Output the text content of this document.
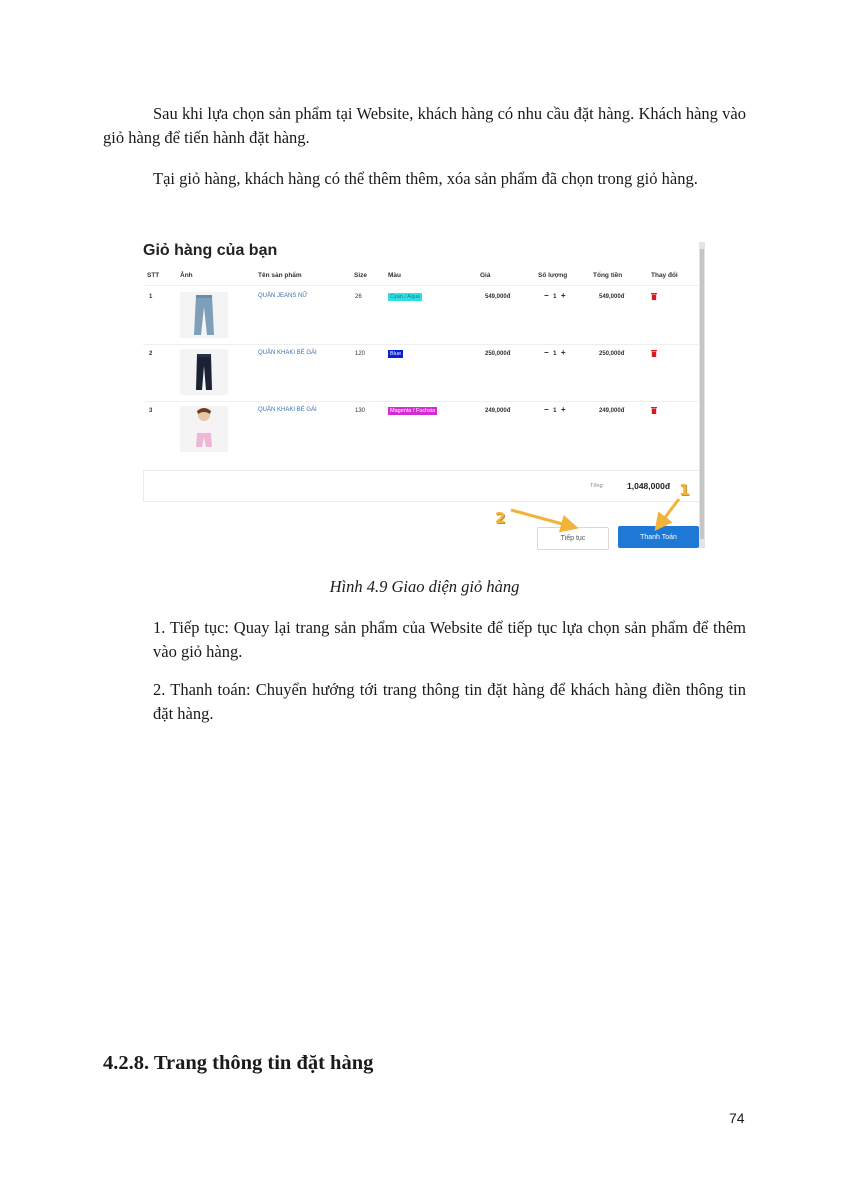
Sau khi lựa chọn sản phẩm tại Website, khách hàng có nhu cầu đặt hàng. Khách hàng vào giỏ hàng để tiến hành đặt hàng.

Tại giỏ hàng, khách hàng có thể thêm thêm, xóa sản phẩm đã chọn trong giỏ hàng.

Giỏ hàng của bạn
STT	Ảnh	Tên sản phẩm	Size	Màu	Giá	Số lượng	Tổng tiền	Thay đổi
1	QUẦN JEANS NỮ	26	Cyan / Aqua	549,000đ	− 1 +	549,000đ
2	QUẦN KHAKI BÉ GÁI	120	Blue	250,000đ	− 1 +	250,000đ
3	QUẦN KHAKI BÉ GÁI	130	Magenta / Fuchsia	249,000đ	− 1 +	249,000đ
Tổng:	1,048,000đ
Tiếp tục	Thanh Toán
1
2
Hình 4.9 Giao diện giỏ hàng

1. Tiếp tục: Quay lại trang sản phẩm của Website để tiếp tục lựa chọn sản phẩm để thêm vào giỏ hàng.

2. Thanh toán: Chuyển hướng tới trang thông tin đặt hàng để khách hàng điền thông tin đặt hàng.

4.2.8. Trang thông tin đặt hàng
74
